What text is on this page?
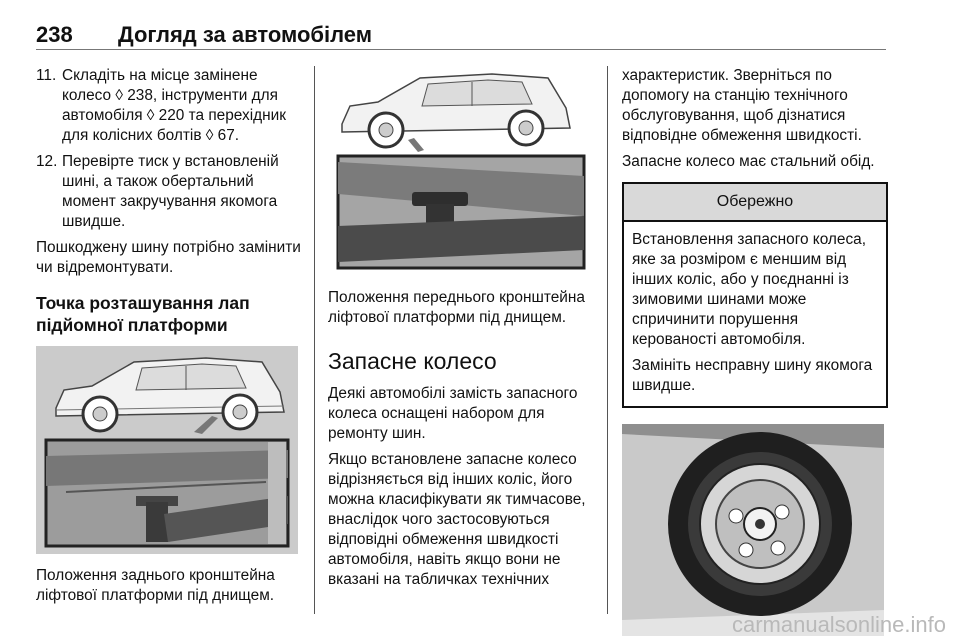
238 Догляд за автомобілем
11. Складіть на місце замінене колесо ◊ 238, інструменти для автомобіля ◊ 220 та перехідник для колісних болтів ◊ 67.
12. Перевірте тиск у встановленій шині, а також обертальний момент закручування якомога швидше.

Пошкоджену шину потрібно замінити чи відремонтувати.

Точка розташування лап підйомної платформи
Положення заднього кронштейна ліфтової платформи під днищем.
Положення переднього кронштейна ліфтової платформи під днищем.
Запасне колесо

Деякі автомобілі замість запасного колеса оснащені набором для ремонту шин.

Якщо встановлене запасне колесо відрізняється від інших коліс, його можна класифікувати як тимчасове, внаслідок чого застосовуються відповідні обмеження швидкості автомобіля, навіть якщо вони не вказані на табличках технічних

характеристик. Зверніться по допомогу на станцію технічного обслуговування, щоб дізнатися відповідне обмеження швидкості.

Запасне колесо має стальний обід.

Обережно

Встановлення запасного колеса, яке за розміром є меншим від інших коліс, або у поєднанні із зимовими шинами може спричинити порушення керованості автомобіля.

Замініть несправну шину якомога швидше.

carmanualsonline.info
